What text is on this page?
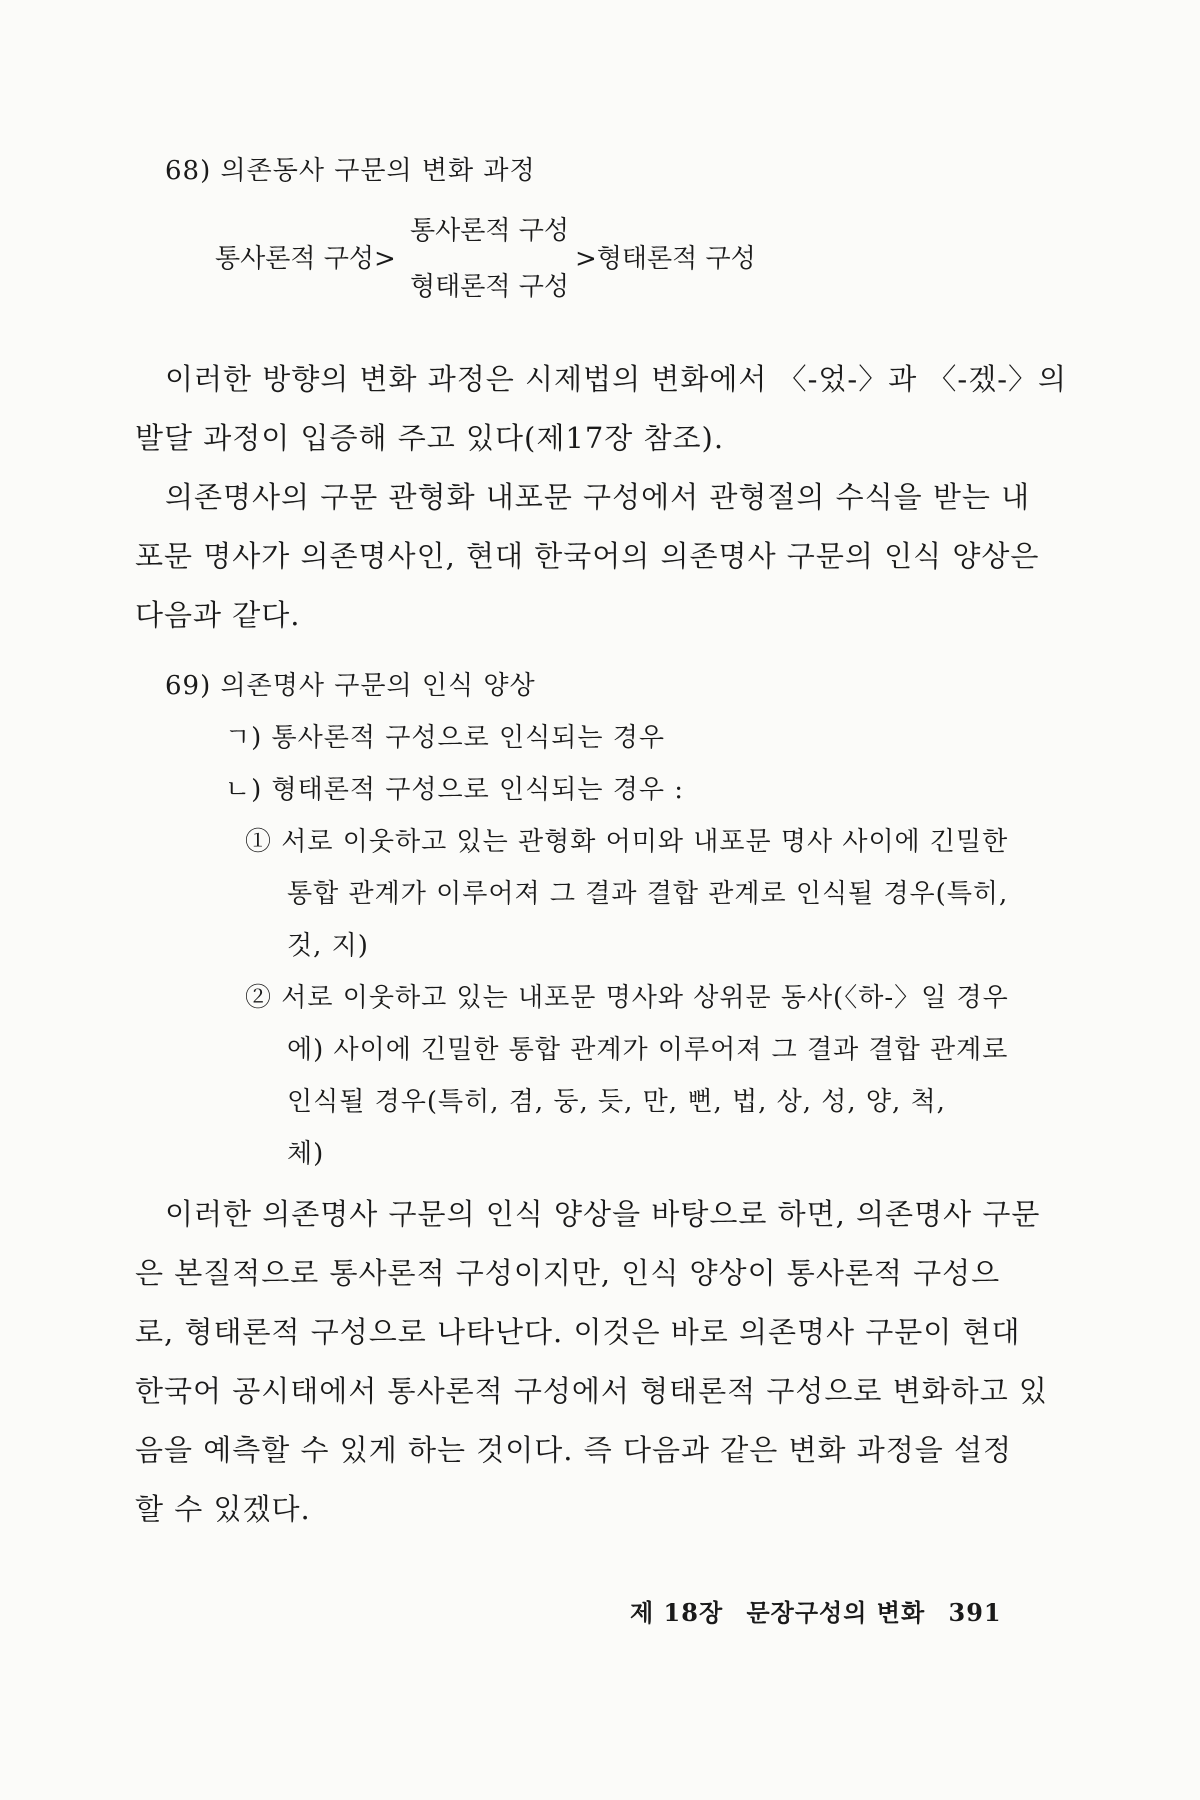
68) 의존동사 구문의 변화 과정
통사론적 구성>
통사론적 구성
형태론적 구성
>형태론적 구성
이러한 방향의 변화 과정은 시제법의 변화에서 〈-었-〉과 〈-겠-〉의
발달 과정이 입증해 주고 있다(제17장 참조).
의존명사의 구문 관형화 내포문 구성에서 관형절의 수식을 받는 내
포문 명사가 의존명사인, 현대 한국어의 의존명사 구문의 인식 양상은
다음과 같다.
69) 의존명사 구문의 인식 양상
ㄱ) 통사론적 구성으로 인식되는 경우
ㄴ) 형태론적 구성으로 인식되는 경우 :
① 서로 이웃하고 있는 관형화 어미와 내포문 명사 사이에 긴밀한
통합 관계가 이루어져 그 결과 결합 관계로 인식될 경우(특히,
것, 지)
② 서로 이웃하고 있는 내포문 명사와 상위문 동사(〈하-〉일 경우
에) 사이에 긴밀한 통합 관계가 이루어져 그 결과 결합 관계로
인식될 경우(특히, 겸, 둥, 듯, 만, 뻔, 법, 상, 성, 양, 척,
체)
이러한 의존명사 구문의 인식 양상을 바탕으로 하면, 의존명사 구문
은 본질적으로 통사론적 구성이지만, 인식 양상이 통사론적 구성으
로, 형태론적 구성으로 나타난다. 이것은 바로 의존명사 구문이 현대
한국어 공시태에서 통사론적 구성에서 형태론적 구성으로 변화하고 있
음을 예측할 수 있게 하는 것이다. 즉 다음과 같은 변화 과정을 설정
할 수 있겠다.
제 18장 문장구성의 변화 391
